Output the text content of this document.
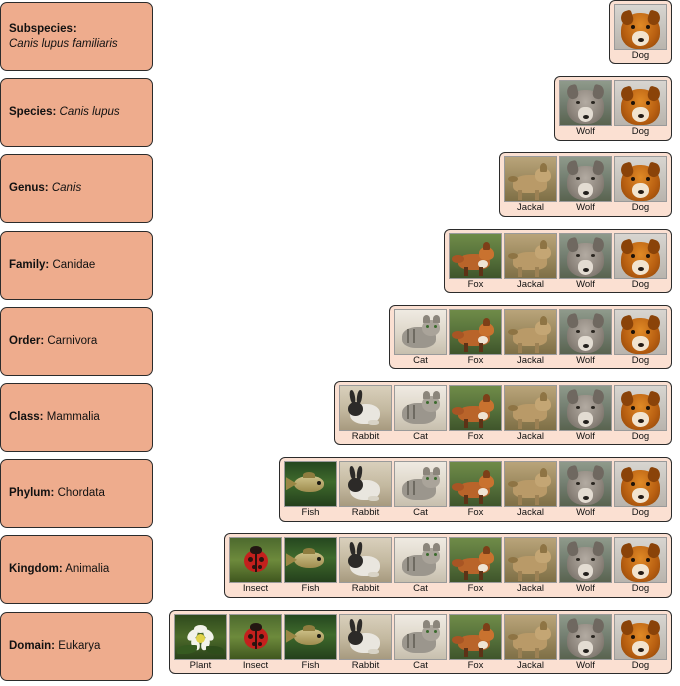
Subspecies:
Canis lupus familiaris
Dog
Species: Canis lupus
Wolf	Dog
Genus: Canis
Jackal	Wolf	Dog
Family: Canidae
Fox	Jackal	Wolf	Dog
Order: Carnivora
Cat	Fox	Jackal	Wolf	Dog
Class: Mammalia
Rabbit	Cat	Fox	Jackal	Wolf	Dog
Phylum: Chordata
Fish	Rabbit	Cat	Fox	Jackal	Wolf	Dog
Kingdom: Animalia
Insect	Fish	Rabbit	Cat	Fox	Jackal	Wolf	Dog
Domain: Eukarya
Plant	Insect	Fish	Rabbit	Cat	Fox	Jackal	Wolf	Dog
